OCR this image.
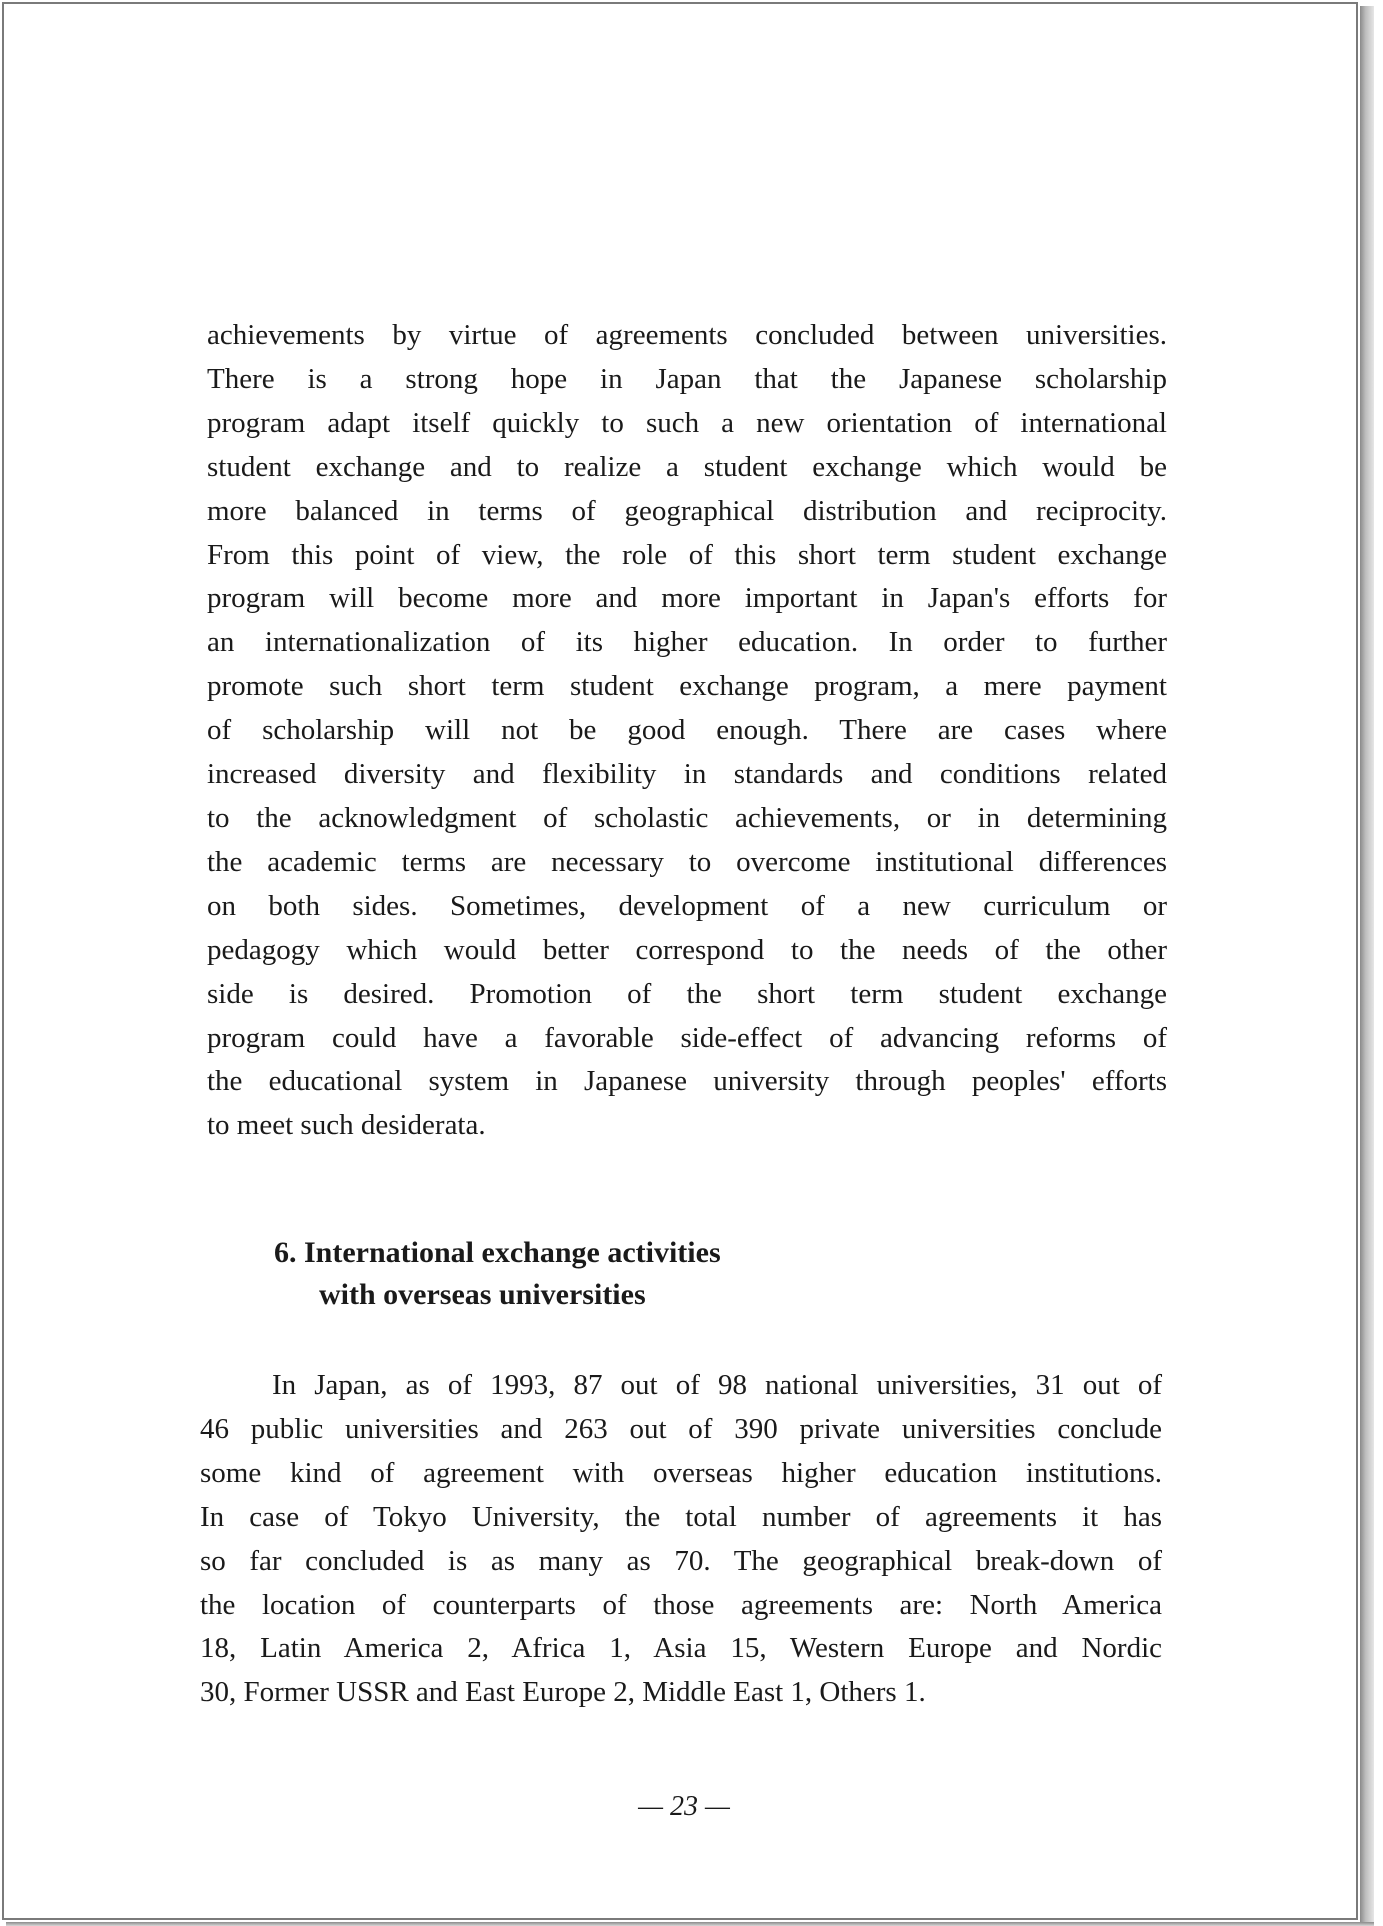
achievements by virtue of agreements concluded between universities.
There is a strong hope in Japan that the Japanese scholarship
program adapt itself quickly to such a new orientation of international
student exchange and to realize a student exchange which would be
more balanced in terms of geographical distribution and reciprocity.
From this point of view, the role of this short term student exchange
program will become more and more important in Japan's efforts for
an internationalization of its higher education. In order to further
promote such short term student exchange program, a mere payment
of scholarship will not be good enough. There are cases where
increased diversity and flexibility in standards and conditions related
to the acknowledgment of scholastic achievements, or in determining
the academic terms are necessary to overcome institutional differences
on both sides. Sometimes, development of a new curriculum or
pedagogy which would better correspond to the needs of the other
side is desired. Promotion of the short term student exchange
program could have a favorable side-effect of advancing reforms of
the educational system in Japanese university through peoples' efforts
to meet such desiderata.
6. International exchange activities
with overseas universities
In Japan, as of 1993, 87 out of 98 national universities, 31 out of
46 public universities and 263 out of 390 private universities conclude
some kind of agreement with overseas higher education institutions.
In case of Tokyo University, the total number of agreements it has
so far concluded is as many as 70. The geographical break-down of
the location of counterparts of those agreements are: North America
18, Latin America 2, Africa 1, Asia 15, Western Europe and Nordic
30, Former USSR and East Europe 2, Middle East 1, Others 1.
— 23 —
